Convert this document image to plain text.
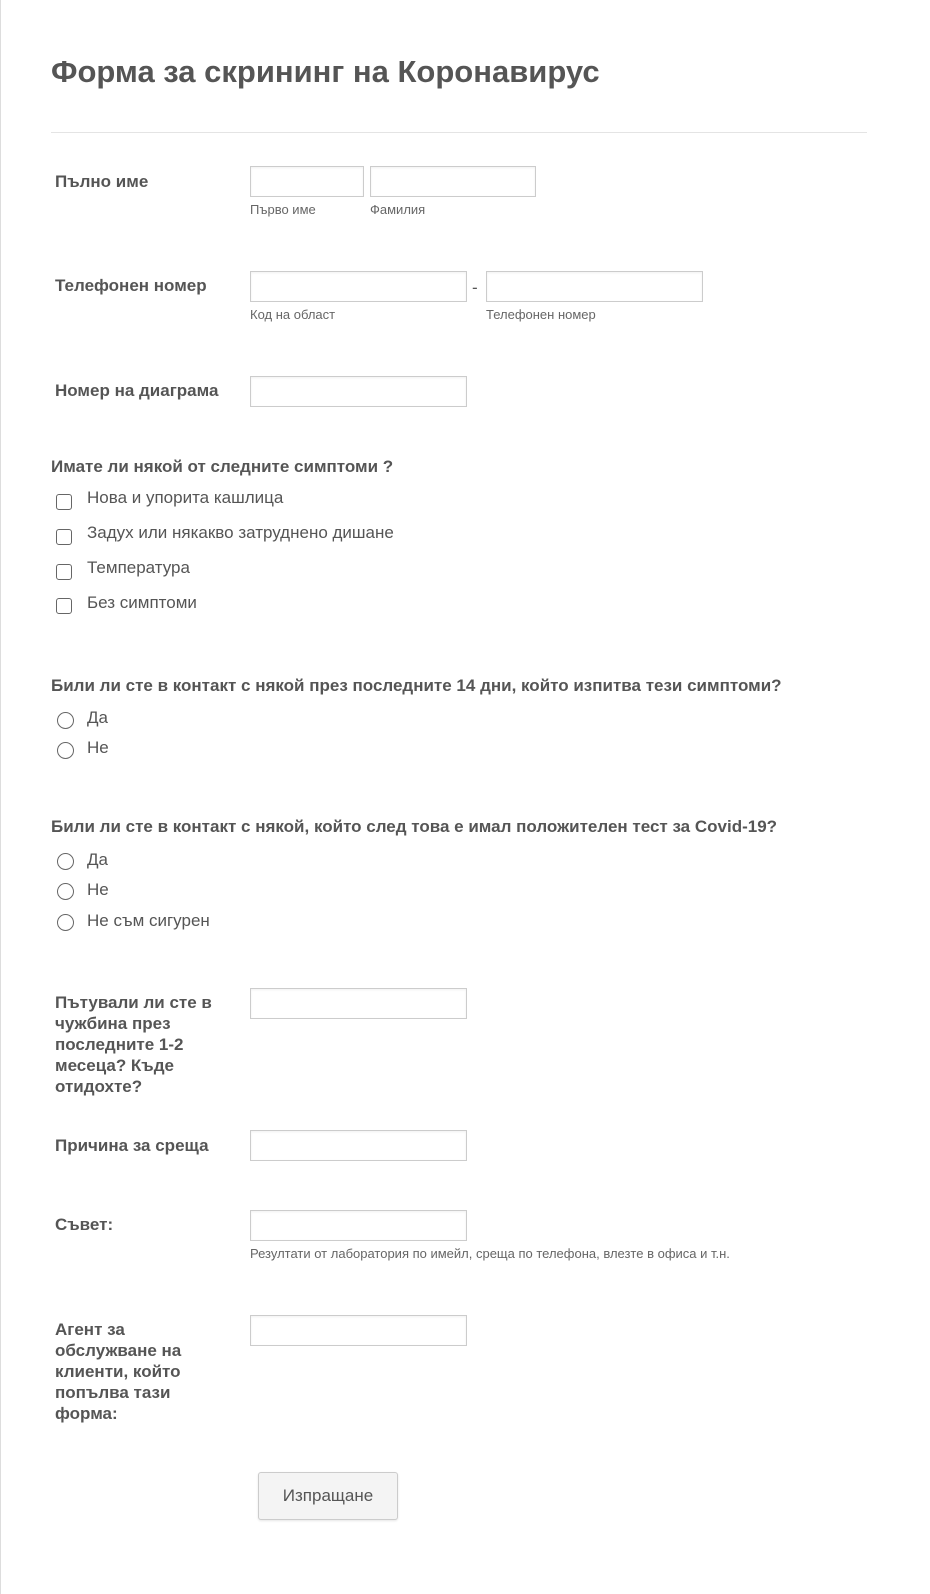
Форма за скрининг на Коронавирус
Пълно име
Първо име	Фамилия
Телефонен номер	-
Код на област	Телефонен номер
Номер на диаграма
Имате ли някой от следните симптоми ?
Нова и упорита кашлица
Задух или някакво затруднено дишане
Температура
Без симптоми
Били ли сте в контакт с някой през последните 14 дни, който изпитва тези симптоми?
Да
Не
Били ли сте в контакт с някой, който след това е имал положителен тест за Covid-19?
Да
Не
Не съм сигурен
Пътували ли сте в чужбина през последните 1-2 месеца? Къде отидохте?
Причина за среща
Съвет:
Резултати от лаборатория по имейл, среща по телефона, влезте в офиса и т.н.
Агент за обслужване на клиенти, който попълва тази форма:
Изпращане
